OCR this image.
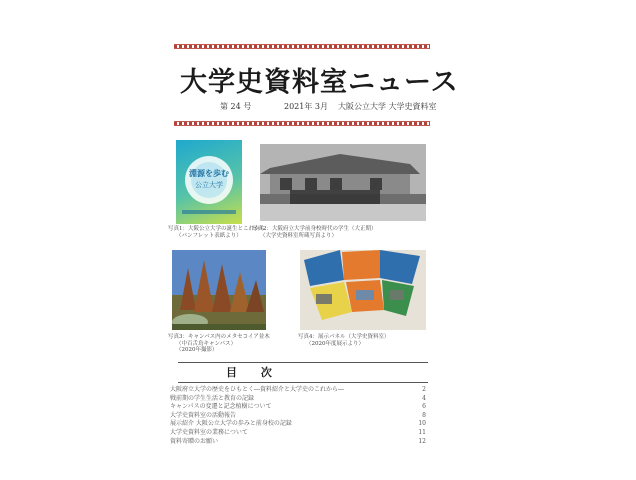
大学史資料室ニュース
第 24 号	2021年 3月 大阪公立大学 大学史資料室
淵源を歩む
公立大学
写真1：大阪公立大学の誕生とこれから
（パンフレット表紙より）
写真2：大阪府立大学前身校時代の学生（大正期）
（大学史資料室所蔵写真より）
写真3：キャンパス内のメタセコイア並木
（中百舌鳥キャンパス）
（2020年撮影）
写真4：展示パネル（大学史資料室）
（2020年度展示より）
目 次
大阪府立大学の歴史をひもとく―資料紹介と大学史のこれから―	2
戦前期の学生生活と教育の記録	4
キャンパスの変遷と記念植樹について	6
大学史資料室の活動報告	8
展示紹介 大阪公立大学の歩みと前身校の記録	10
大学史資料室の業務について	11
資料寄贈のお願い	12
